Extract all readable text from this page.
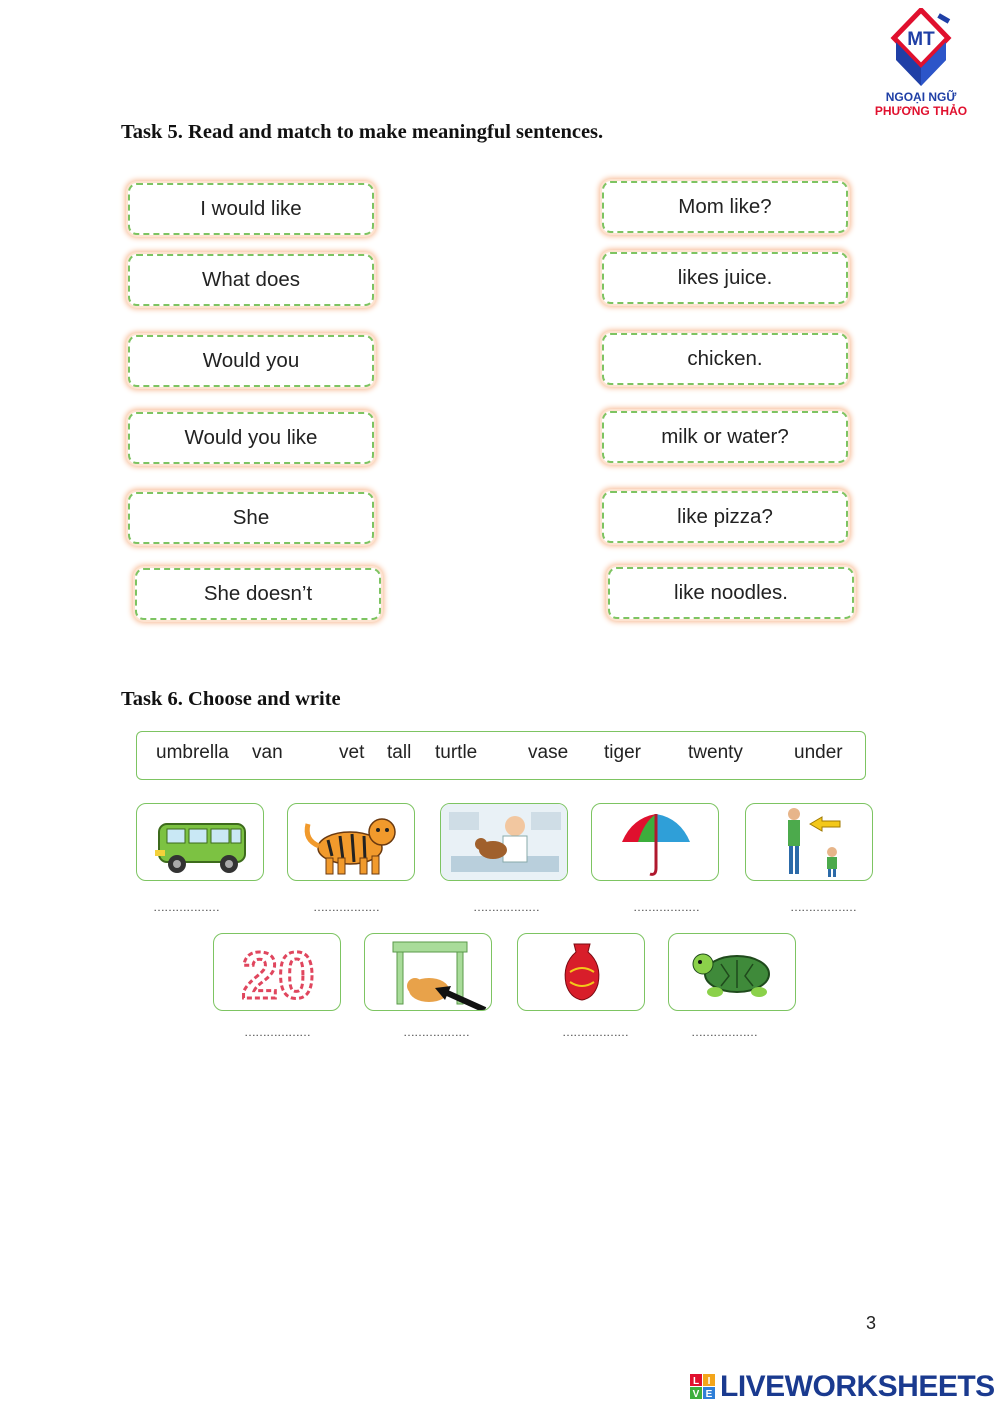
MT
NGOẠI NGỮ
PHƯƠNG THẢO
Task 5. Read and match to make meaningful sentences.
I would like
What does
Would you
Would you like
She
She doesn’t
Mom like?
likes juice.
chicken.
milk or water?
like pizza?
like noodles.
Task 6. Choose and write
umbrella van	vet tall turtle	vase tiger twenty	under
………………	………………	………………	………………	………………
20
………………	………………	………………	………………
3
L I
V E LIVEWORKSHEETS
